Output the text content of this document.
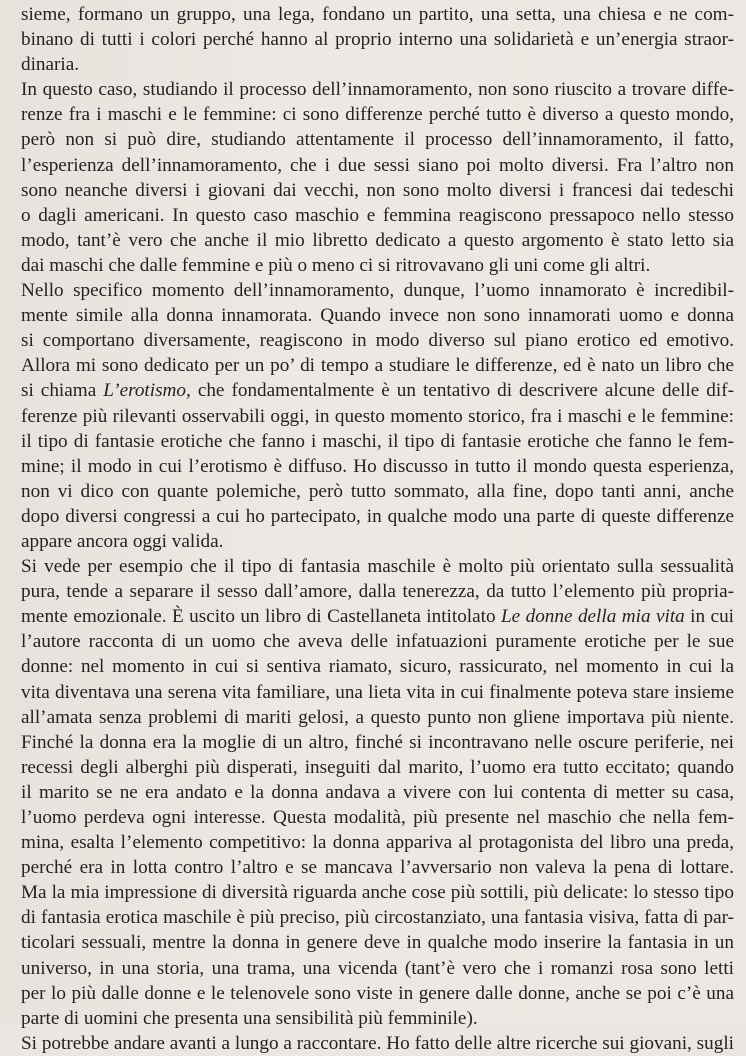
sieme, formano un gruppo, una lega, fondano un partito, una setta, una chiesa e ne com-
binano di tutti i colori perché hanno al proprio interno una solidarietà e un’energia straor-
dinaria.
In questo caso, studiando il processo dell’innamoramento, non sono riuscito a trovare diffe-
renze fra i maschi e le femmine: ci sono differenze perché tutto è diverso a questo mondo,
però non si può dire, studiando attentamente il processo dell’innamoramento, il fatto,
l’esperienza dell’innamoramento, che i due sessi siano poi molto diversi. Fra l’altro non
sono neanche diversi i giovani dai vecchi, non sono molto diversi i francesi dai tedeschi
o dagli americani. In questo caso maschio e femmina reagiscono pressapoco nello stesso
modo, tant’è vero che anche il mio libretto dedicato a questo argomento è stato letto sia
dai maschi che dalle femmine e più o meno ci si ritrovavano gli uni come gli altri.
Nello specifico momento dell’innamoramento, dunque, l’uomo innamorato è incredibil-
mente simile alla donna innamorata. Quando invece non sono innamorati uomo e donna
si comportano diversamente, reagiscono in modo diverso sul piano erotico ed emotivo.
Allora mi sono dedicato per un po’ di tempo a studiare le differenze, ed è nato un libro che
si chiama L’erotismo, che fondamentalmente è un tentativo di descrivere alcune delle dif-
ferenze più rilevanti osservabili oggi, in questo momento storico, fra i maschi e le femmine:
il tipo di fantasie erotiche che fanno i maschi, il tipo di fantasie erotiche che fanno le fem-
mine; il modo in cui l’erotismo è diffuso. Ho discusso in tutto il mondo questa esperienza,
non vi dico con quante polemiche, però tutto sommato, alla fine, dopo tanti anni, anche
dopo diversi congressi a cui ho partecipato, in qualche modo una parte di queste differenze
appare ancora oggi valida.
Si vede per esempio che il tipo di fantasia maschile è molto più orientato sulla sessualità
pura, tende a separare il sesso dall’amore, dalla tenerezza, da tutto l’elemento più propria-
mente emozionale. È uscito un libro di Castellaneta intitolato Le donne della mia vita in cui
l’autore racconta di un uomo che aveva delle infatuazioni puramente erotiche per le sue
donne: nel momento in cui si sentiva riamato, sicuro, rassicurato, nel momento in cui la
vita diventava una serena vita familiare, una lieta vita in cui finalmente poteva stare insieme
all’amata senza problemi di mariti gelosi, a questo punto non gliene importava più niente.
Finché la donna era la moglie di un altro, finché si incontravano nelle oscure periferie, nei
recessi degli alberghi più disperati, inseguiti dal marito, l’uomo era tutto eccitato; quando
il marito se ne era andato e la donna andava a vivere con lui contenta di metter su casa,
l’uomo perdeva ogni interesse. Questa modalità, più presente nel maschio che nella fem-
mina, esalta l’elemento competitivo: la donna appariva al protagonista del libro una preda,
perché era in lotta contro l’altro e se mancava l’avversario non valeva la pena di lottare.
Ma la mia impressione di diversità riguarda anche cose più sottili, più delicate: lo stesso tipo
di fantasia erotica maschile è più preciso, più circostanziato, una fantasia visiva, fatta di par-
ticolari sessuali, mentre la donna in genere deve in qualche modo inserire la fantasia in un
universo, in una storia, una trama, una vicenda (tant’è vero che i romanzi rosa sono letti
per lo più dalle donne e le telenovele sono viste in genere dalle donne, anche se poi c’è una
parte di uomini che presenta una sensibilità più femminile).
Si potrebbe andare avanti a lungo a raccontare. Ho fatto delle altre ricerche sui giovani, sugli
